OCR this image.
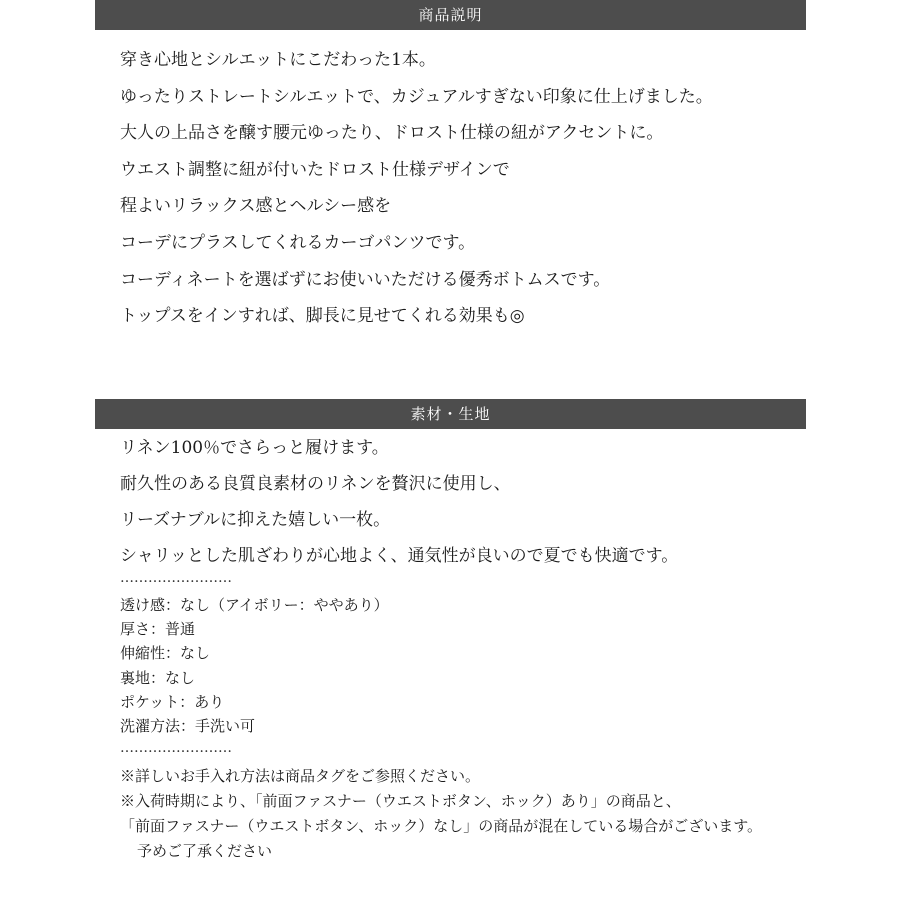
商品説明
穿き心地とシルエットにこだわった1本。
ゆったりストレートシルエットで、カジュアルすぎない印象に仕上げました。
大人の上品さを醸す腰元ゆったり、ドロスト仕様の紐がアクセントに。
ウエスト調整に紐が付いたドロスト仕様デザインで
程よいリラックス感とヘルシー感を
コーデにプラスしてくれるカーゴパンツです。
コーディネートを選ばずにお使いいただける優秀ボトムスです。
トップスをインすれば、脚長に見せてくれる効果も◎
素材・生地
リネン100％でさらっと履けます。
耐久性のある良質良素材のリネンを贅沢に使用し、
リーズナブルに抑えた嬉しい一枚。
シャリッとした肌ざわりが心地よく、通気性が良いので夏でも快適です。
……………………
透け感：なし（アイボリー：ややあり）
厚さ：普通
伸縮性：なし
裏地：なし
ポケット：あり
洗濯方法：手洗い可
……………………
※詳しいお手入れ方法は商品タグをご参照ください。
※入荷時期により、「前面ファスナー（ウエストボタン、ホック）あり」の商品と、
「前面ファスナー（ウエストボタン、ホック）なし」の商品が混在している場合がございます。
予めご了承ください
